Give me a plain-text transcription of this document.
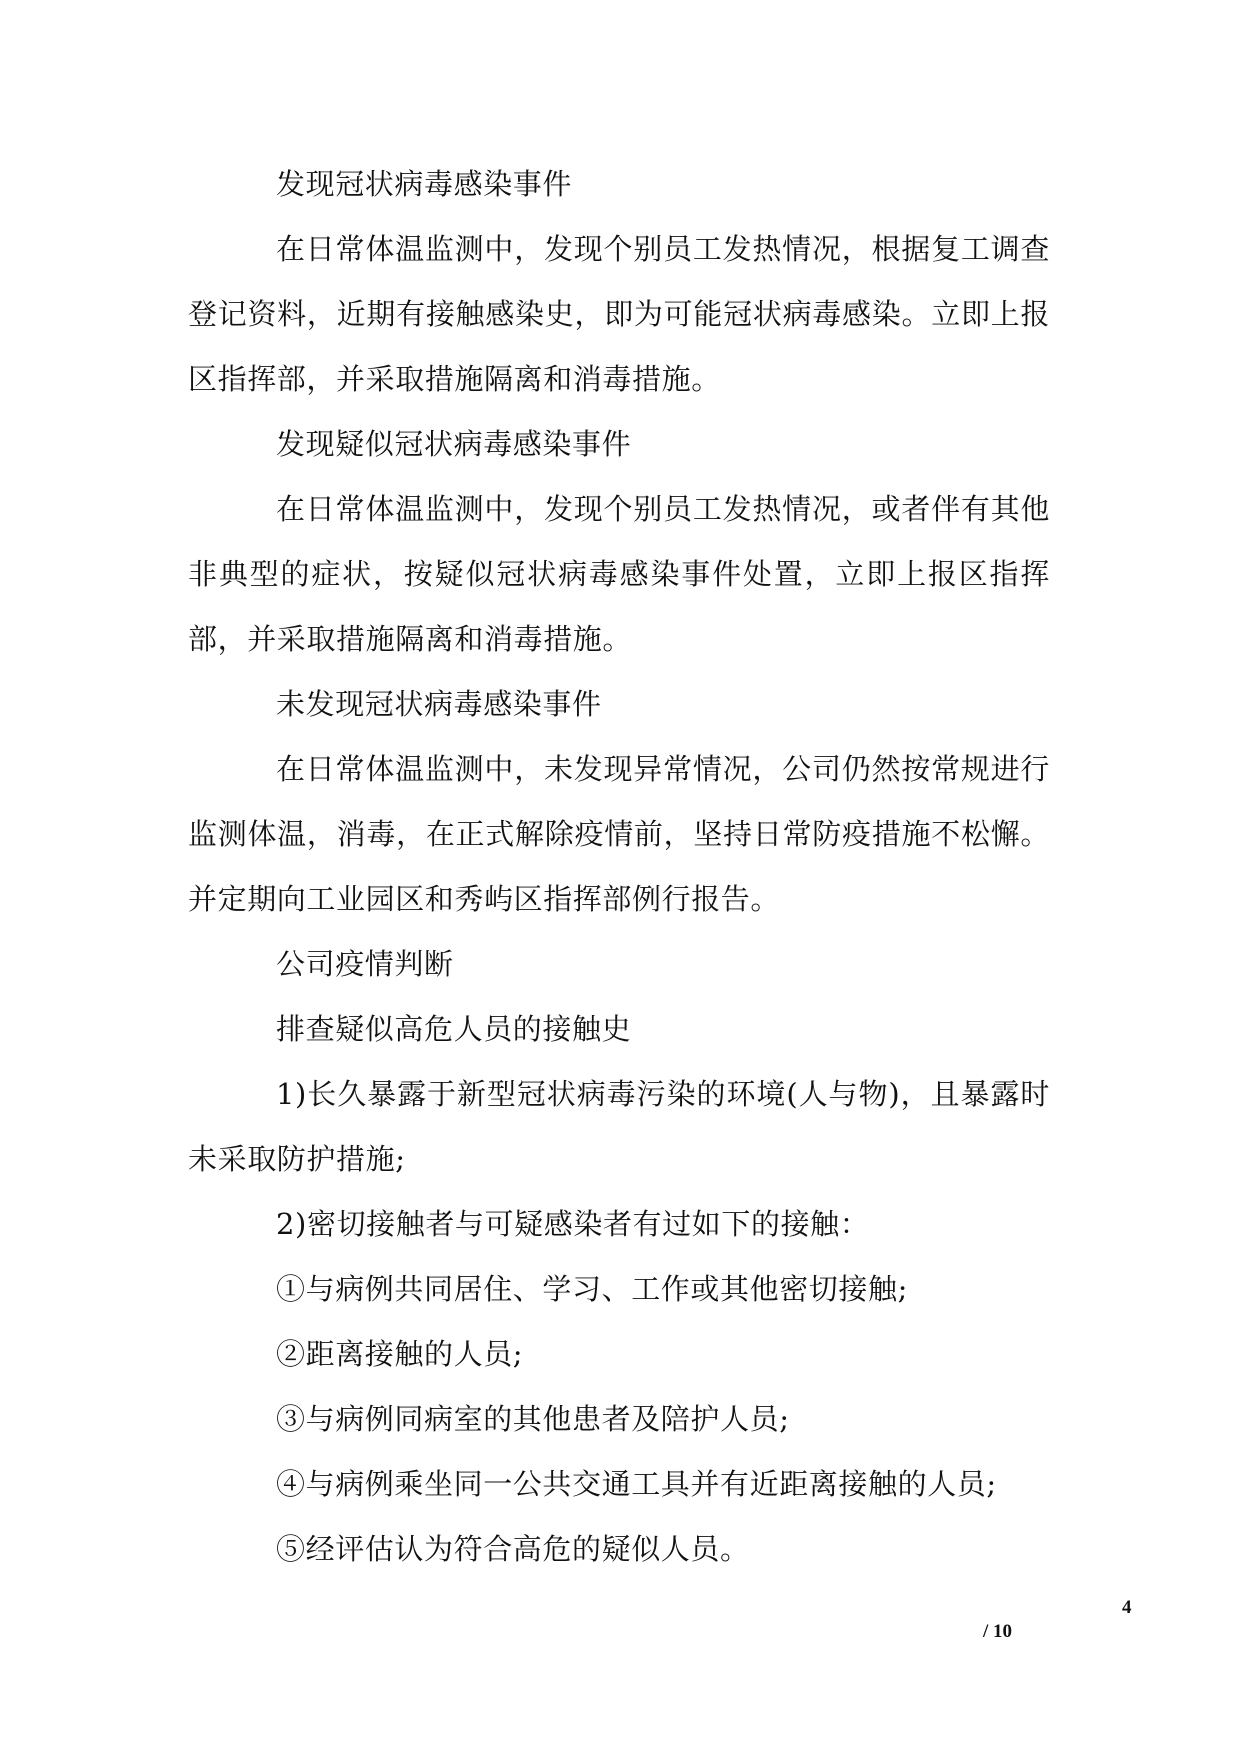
发现冠状病毒感染事件

在日常体温监测中，发现个别员工发热情况，根据复工调查登记资料，近期有接触感染史，即为可能冠状病毒感染。立即上报区指挥部，并采取措施隔离和消毒措施。

发现疑似冠状病毒感染事件

在日常体温监测中，发现个别员工发热情况，或者伴有其他非典型的症状，按疑似冠状病毒感染事件处置，立即上报区指挥部，并采取措施隔离和消毒措施。

未发现冠状病毒感染事件

在日常体温监测中，未发现异常情况，公司仍然按常规进行监测体温，消毒，在正式解除疫情前，坚持日常防疫措施不松懈。并定期向工业园区和秀屿区指挥部例行报告。

公司疫情判断

排查疑似高危人员的接触史

1)长久暴露于新型冠状病毒污染的环境(人与物)，且暴露时未采取防护措施;

2)密切接触者与可疑感染者有过如下的接触：

①与病例共同居住、学习、工作或其他密切接触;

②距离接触的人员;

③与病例同病室的其他患者及陪护人员;

④与病例乘坐同一公共交通工具并有近距离接触的人员;

⑤经评估认为符合高危的疑似人员。

4
/ 10
